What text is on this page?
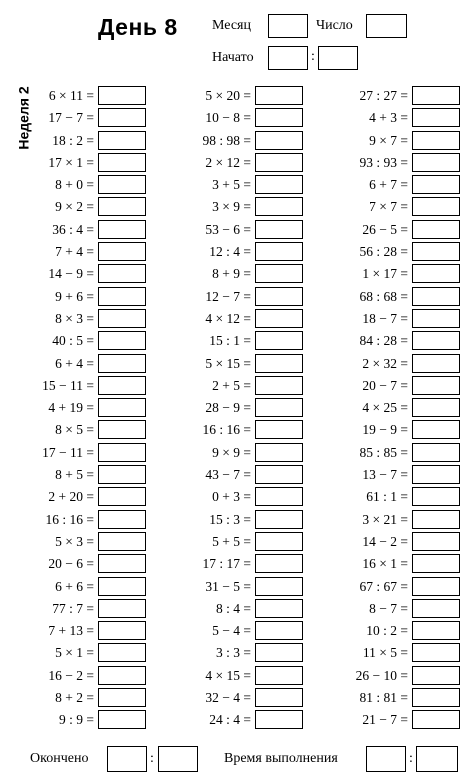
День 8 Месяц	Число
Начато	:
Неделя 2 6 × 11 =
17 − 7 =
18 : 2 =
17 × 1 =
8 + 0 =
9 × 2 =
36 : 4 =
7 + 4 =
14 − 9 =
9 + 6 =
8 × 3 =
40 : 5 =
6 + 4 =
15 − 11 =
4 + 19 =
8 × 5 =
17 − 11 =
8 + 5 =
2 + 20 =
16 : 16 =
5 × 3 =
20 − 6 =
6 + 6 =
77 : 7 =
7 + 13 =
5 × 1 =
16 − 2 =
8 + 2 =
9 : 9 =
5 × 20 =
10 − 8 =
98 : 98 =
2 × 12 =
3 + 5 =
3 × 9 =
53 − 6 =
12 : 4 =
8 + 9 =
12 − 7 =
4 × 12 =
15 : 1 =
5 × 15 =
2 + 5 =
28 − 9 =
16 : 16 =
9 × 9 =
43 − 7 =
0 + 3 =
15 : 3 =
5 + 5 =
17 : 17 =
31 − 5 =
8 : 4 =
5 − 4 =
3 : 3 =
4 × 15 =
32 − 4 =
24 : 4 =
27 : 27 =
4 + 3 =
9 × 7 =
93 : 93 =
6 + 7 =
7 × 7 =
26 − 5 =
56 : 28 =
1 × 17 =
68 : 68 =
18 − 7 =
84 : 28 =
2 × 32 =
20 − 7 =
4 × 25 =
19 − 9 =
85 : 85 =
13 − 7 =
61 : 1 =
3 × 21 =
14 − 2 =
16 × 1 =
67 : 67 =
8 − 7 =
10 : 2 =
11 × 5 =
26 − 10 =
81 : 81 =
21 − 7 =
Окончено	:	Время выполнения	:
